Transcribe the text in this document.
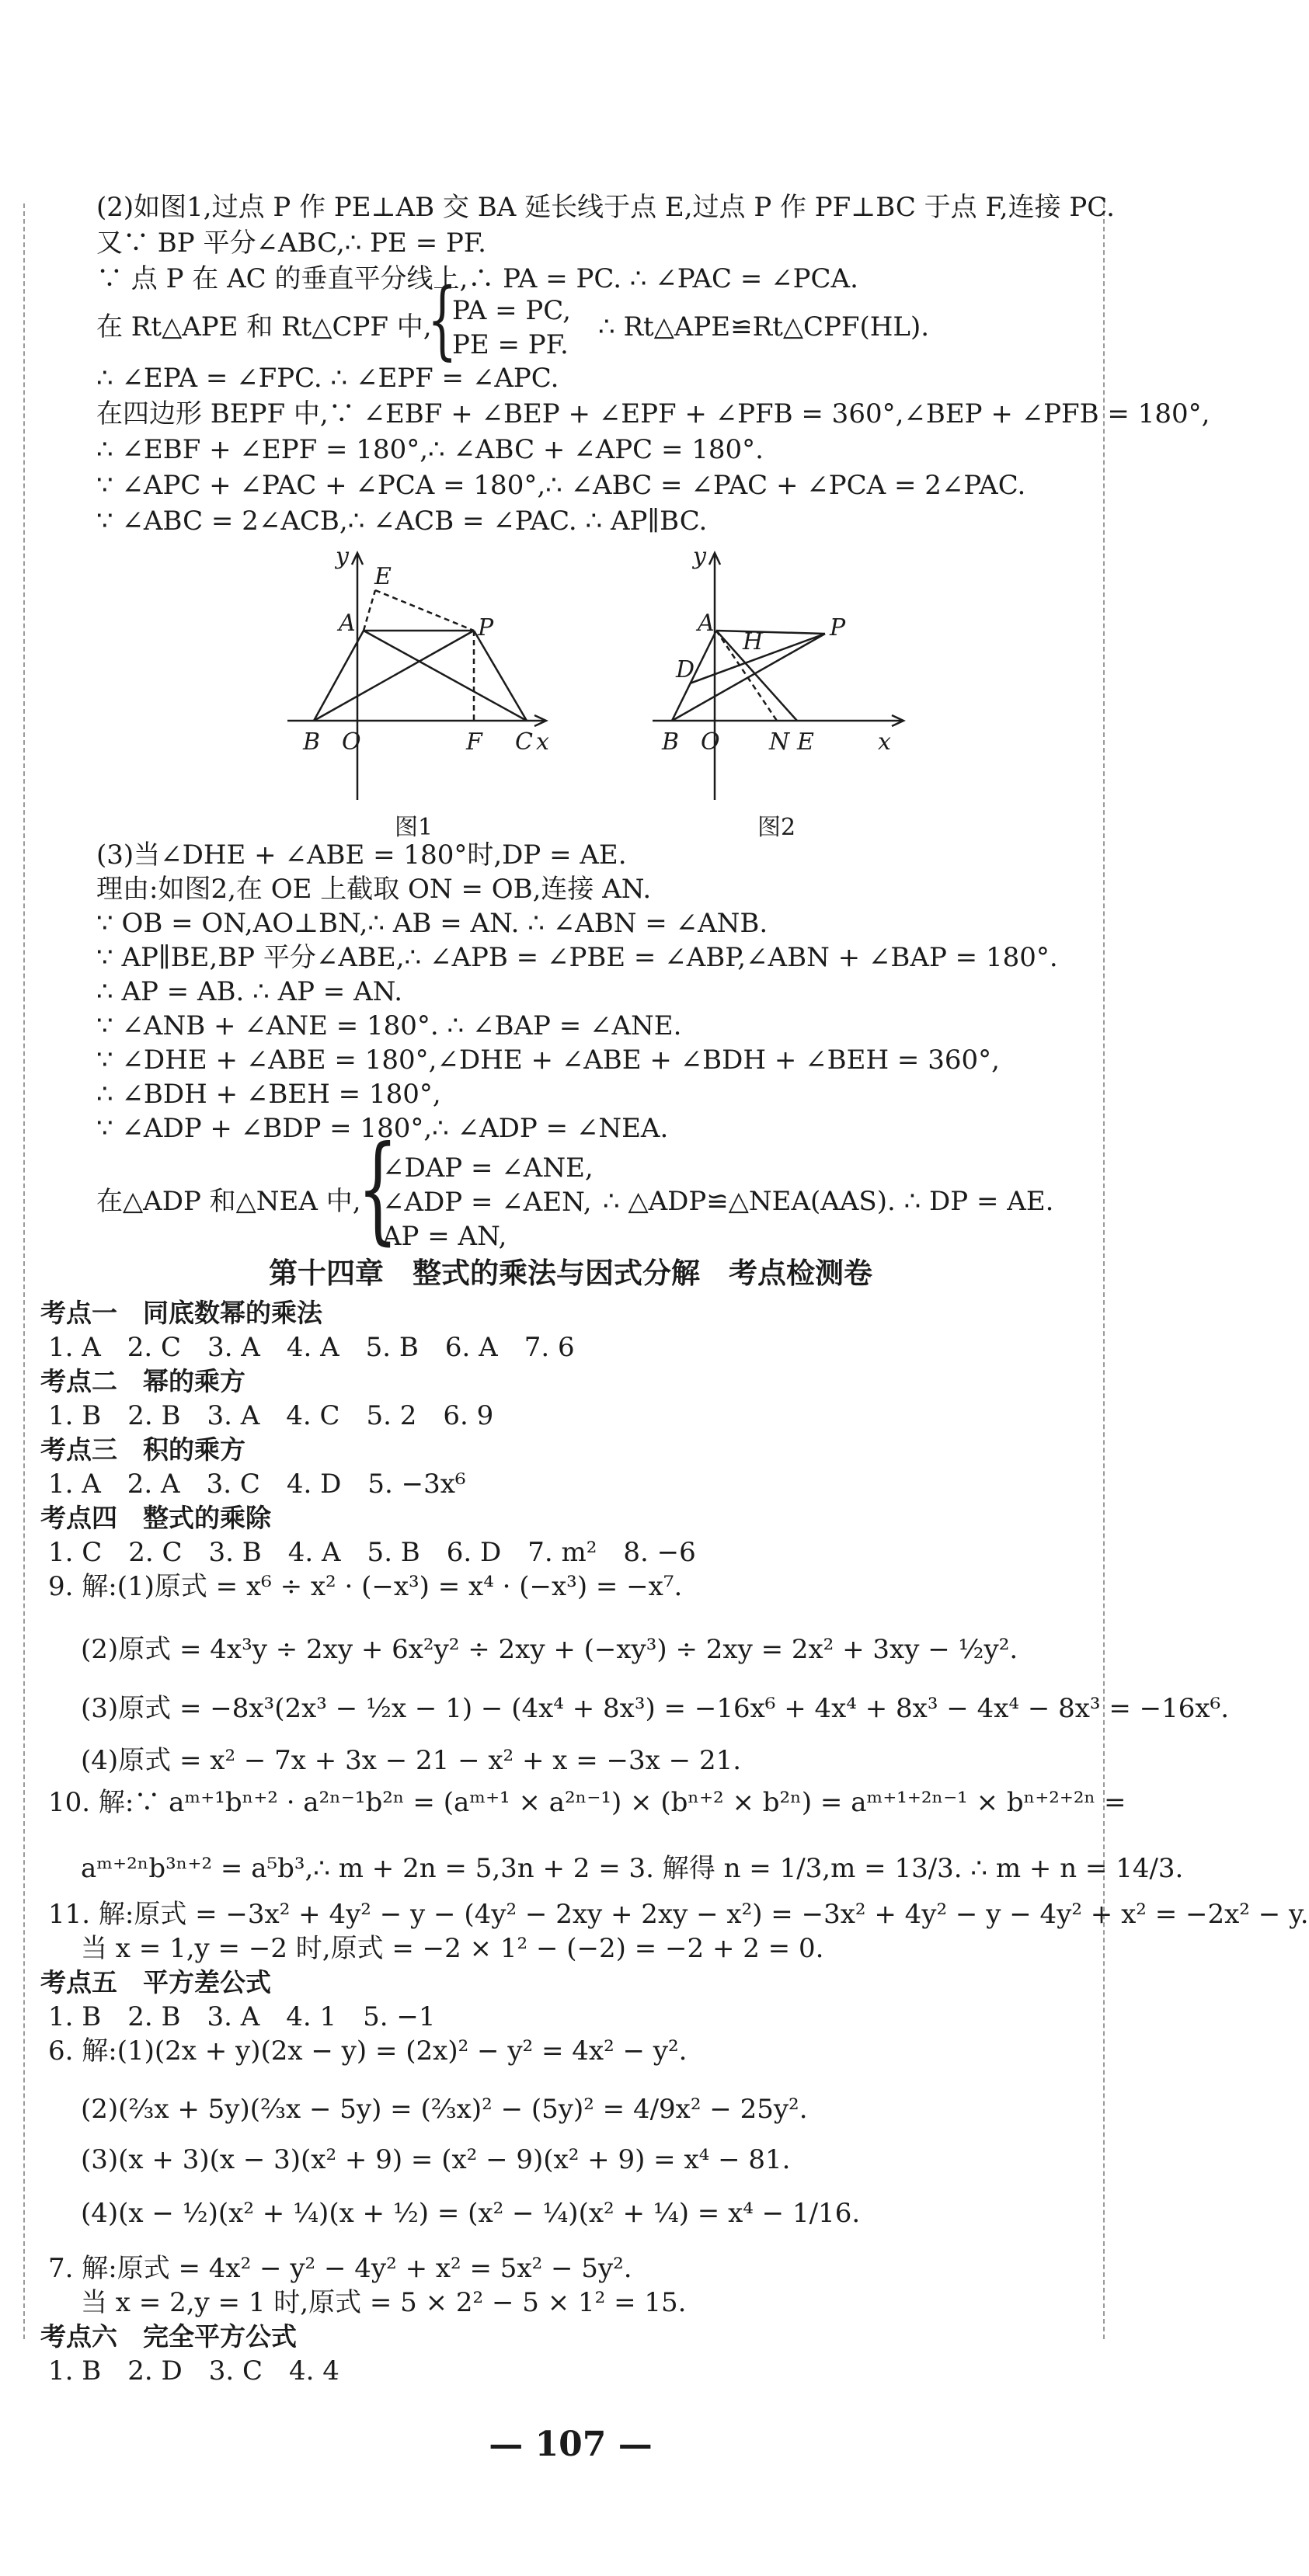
(2)如图1,过点 P 作 PE⊥AB 交 BA 延长线于点 E,过点 P 作 PF⊥BC 于点 F,连接 PC.
又∵ BP 平分∠ABC,∴ PE = PF.
∵ 点 P 在 AC 的垂直平分线上,∴ PA = PC. ∴ ∠PAC = ∠PCA.
在 Rt△APE 和 Rt△CPF 中,
{
PA = PC,
PE = PF.
∴ Rt△APE≌Rt△CPF(HL).
∴ ∠EPA = ∠FPC. ∴ ∠EPF = ∠APC.
在四边形 BEPF 中,∵ ∠EBF + ∠BEP + ∠EPF + ∠PFB = 360°,∠BEP + ∠PFB = 180°,
∴ ∠EBF + ∠EPF = 180°,∴ ∠ABC + ∠APC = 180°.
∵ ∠APC + ∠PAC + ∠PCA = 180°,∴ ∠ABC = ∠PAC + ∠PCA = 2∠PAC.
∵ ∠ABC = 2∠ACB,∴ ∠ACB = ∠PAC. ∴ AP∥BC.
y
E
A	P
B O	F C x
图1
y
A
H
P
D
B O N E	x
图2
(3)当∠DHE + ∠ABE = 180°时,DP = AE.
理由:如图2,在 OE 上截取 ON = OB,连接 AN.
∵ OB = ON,AO⊥BN,∴ AB = AN. ∴ ∠ABN = ∠ANB.
∵ AP∥BE,BP 平分∠ABE,∴ ∠APB = ∠PBE = ∠ABP,∠ABN + ∠BAP = 180°.
∴ AP = AB. ∴ AP = AN.
∵ ∠ANB + ∠ANE = 180°. ∴ ∠BAP = ∠ANE.
∵ ∠DHE + ∠ABE = 180°,∠DHE + ∠ABE + ∠BDH + ∠BEH = 360°,
∴ ∠BDH + ∠BEH = 180°,
∵ ∠ADP + ∠BDP = 180°,∴ ∠ADP = ∠NEA.
在△ADP 和△NEA 中,
{
∠DAP = ∠ANE,
∠ADP = ∠AEN,
AP = AN,
∴ △ADP≌△NEA(AAS). ∴ DP = AE.
第十四章　整式的乘法与因式分解　考点检测卷
考点一　同底数幂的乘法
1. A　2. C　3. A　4. A　5. B　6. A　7. 6
考点二　幂的乘方
1. B　2. B　3. A　4. C　5. 2　6. 9
考点三　积的乘方
1. A　2. A　3. C　4. D　5. −3x⁶
考点四　整式的乘除
1. C　2. C　3. B　4. A　5. B　6. D　7. m²　8. −6
9. 解:(1)原式 = x⁶ ÷ x² · (−x³) = x⁴ · (−x³) = −x⁷.
(2)原式 = 4x³y ÷ 2xy + 6x²y² ÷ 2xy + (−xy³) ÷ 2xy = 2x² + 3xy − ½y².
(3)原式 = −8x³(2x³ − ½x − 1) − (4x⁴ + 8x³) = −16x⁶ + 4x⁴ + 8x³ − 4x⁴ − 8x³ = −16x⁶.
(4)原式 = x² − 7x + 3x − 21 − x² + x = −3x − 21.
10. 解:∵ aᵐ⁺¹bⁿ⁺² · a²ⁿ⁻¹b²ⁿ = (aᵐ⁺¹ × a²ⁿ⁻¹) × (bⁿ⁺² × b²ⁿ) = aᵐ⁺¹⁺²ⁿ⁻¹ × bⁿ⁺²⁺²ⁿ =
aᵐ⁺²ⁿb³ⁿ⁺² = a⁵b³,∴ m + 2n = 5,3n + 2 = 3. 解得 n = 1/3,m = 13/3. ∴ m + n = 14/3.
11. 解:原式 = −3x² + 4y² − y − (4y² − 2xy + 2xy − x²) = −3x² + 4y² − y − 4y² + x² = −2x² − y.
当 x = 1,y = −2 时,原式 = −2 × 1² − (−2) = −2 + 2 = 0.
考点五　平方差公式
1. B　2. B　3. A　4. 1　5. −1
6. 解:(1)(2x + y)(2x − y) = (2x)² − y² = 4x² − y².
(2)(⅔x + 5y)(⅔x − 5y) = (⅔x)² − (5y)² = 4/9x² − 25y².
(3)(x + 3)(x − 3)(x² + 9) = (x² − 9)(x² + 9) = x⁴ − 81.
(4)(x − ½)(x² + ¼)(x + ½) = (x² − ¼)(x² + ¼) = x⁴ − 1/16.
7. 解:原式 = 4x² − y² − 4y² + x² = 5x² − 5y².
当 x = 2,y = 1 时,原式 = 5 × 2² − 5 × 1² = 15.
考点六　完全平方公式
1. B　2. D　3. C　4. 4
— 107 —
